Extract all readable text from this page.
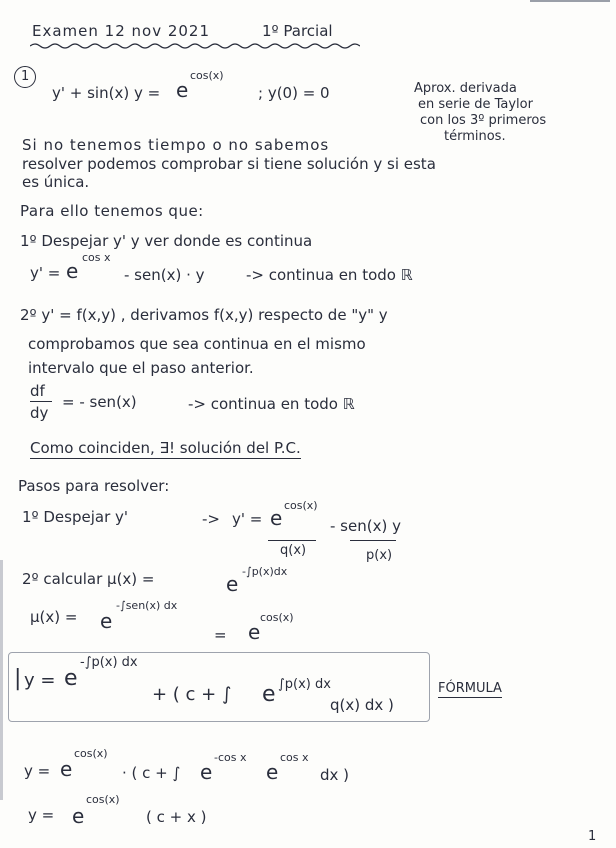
Examen 12 nov 2021	1º Parcial
1
y' + sin(x) y = e
cos(x)
; y(0) = 0	Aprox. derivada
en serie de Taylor
con los 3º primeros
términos.
Si no tenemos tiempo o no sabemos
resolver podemos comprobar si tiene solución y si esta
es única.
Para ello tenemos que:
1º Despejar y' y ver donde es continua
y' = e
cos x
- sen(x) · y	-> continua en todo ℝ
2º y' = f(x,y) , derivamos f(x,y) respecto de "y" y
comprobamos que sea continua en el mismo
intervalo que el paso anterior.
df
dy
= - sen(x)	-> continua en todo ℝ
Como coinciden, ∃! solución del P.C.
Pasos para resolver:
1º Despejar y'	-> y' = e
cos(x)
- sen(x) y
q(x)	p(x)
2º calcular μ(x) =	e
-∫p(x)dx
μ(x) = e
-∫sen(x) dx
= e
cos(x)
| y = e
-∫p(x) dx
+ ( c + ∫ e ∫p(x) dx
q(x) dx )
FÓRMULA
y = e
cos(x)
· ( c + ∫ e
-cos x
e
cos x
dx )
y = e
cos(x)
( c + x )
1
